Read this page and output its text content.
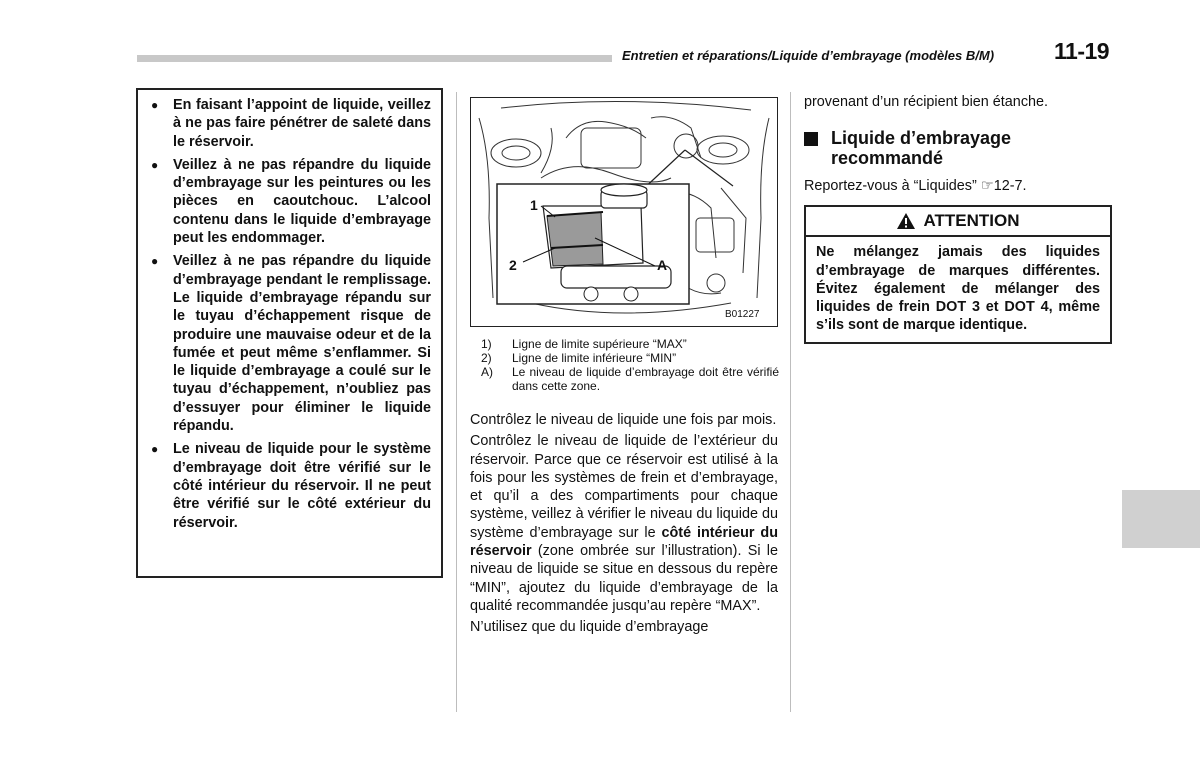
Entretien et réparations/Liquide d’embrayage (modèles B/M)	11-19
● En faisant l’appoint de liquide, veillez à ne pas faire pénétrer de saleté dans le réservoir.
● Veillez à ne pas répandre du liquide d’embrayage sur les peintures ou les pièces en caoutchouc. L’alcool contenu dans le liquide d’embrayage peut les endommager.
● Veillez à ne pas répandre du liquide d’embrayage pendant le remplissage. Le liquide d’embrayage répandu sur le tuyau d’échappement risque de produire une mauvaise odeur et de la fumée et peut même s’enflammer. Si le liquide d’embrayage a coulé sur le tuyau d’échappement, n’oubliez pas d’essuyer pour éliminer le liquide répandu.
● Le niveau de liquide pour le système d’embrayage doit être vérifié sur le côté intérieur du réservoir. Il ne peut être vérifié sur le côté extérieur du réservoir.
1
2	A
B01227
1)	Ligne de limite supérieure “MAX”
2)	Ligne de limite inférieure “MIN”
A)	Le niveau de liquide d’embrayage doit être vérifié dans cette zone.

Contrôlez le niveau de liquide une fois par mois.

Contrôlez le niveau de liquide de l’extérieur du réservoir. Parce que ce réservoir est utilisé à la fois pour les systèmes de frein et d’embrayage, et qu’il a des compartiments pour chaque système, veillez à vérifier le niveau du liquide du système d’embrayage sur le côté intérieur du réservoir (zone ombrée sur l’illustration). Si le niveau de liquide se situe en dessous du repère “MIN”, ajoutez du liquide d’embrayage de la qualité recommandée jusqu’au repère “MAX”.

N’utilisez que du liquide d’embrayage

provenant d’un récipient bien étanche.
Liquide d’embrayage recommandé
Reportez-vous à “Liquides” ☞12-7.
ATTENTION
Ne mélangez jamais des liquides d’embrayage de marques différentes. Évitez également de mélanger des liquides de frein DOT 3 et DOT 4, même s’ils sont de marque identique.
